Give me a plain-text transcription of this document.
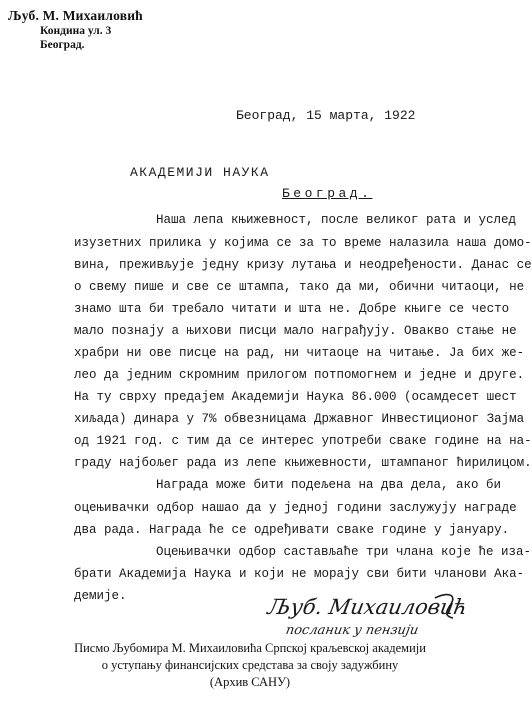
Љуб. М. Михаиловић
Кондина ул. 3
Београд.
Београд, 15 марта, 1922
АКАДЕМИЈИ НАУКА
Београд.
Наша лепа књижевност, после великог рата и услед
изузетних прилика у којима се за то време налазила наша домо-
вина, преживљује једну кризу лутања и неодређености. Данас се
о свему пише и све се штампа, тако да ми, обични читаоци, не
знамо шта би требало читати и шта не. Добре књиге се често
мало познају а њихови писци мало награђују. Овакво стање не
храбри ни ове писце на рад, ни читаоце на читање. Ја бих же-
лео да једним скромним прилогом потпомогнем и једне и друге.
На ту сврху предајем Академији Наука 86.000 (осамдесет шест
хиљада) динара у 7% обвезницама Државног Инвестиционог Зајма
од 1921 год. с тим да се интерес употреби сваке године на на-
граду најбољег рада из лепе књижевности, штампаног ћирилицом.
Награда може бити подељена на два дела, ако би
оцењивачки одбор нашао да у једној години заслужују награде
два рада. Награда ће се одређивати сваке године у јануару.
Оцењивачки одбор састављаће три члана које ће иза-
брати Академија Наука и који не морају сви бити чланови Ака-
демије.	Љуб. Михаиловић
посланик у пензији
Писмо Љубомира М. Михаиловића Српској краљевској академији
о уступању финансијских средстава за своју задужбину
(Архив САНУ)
